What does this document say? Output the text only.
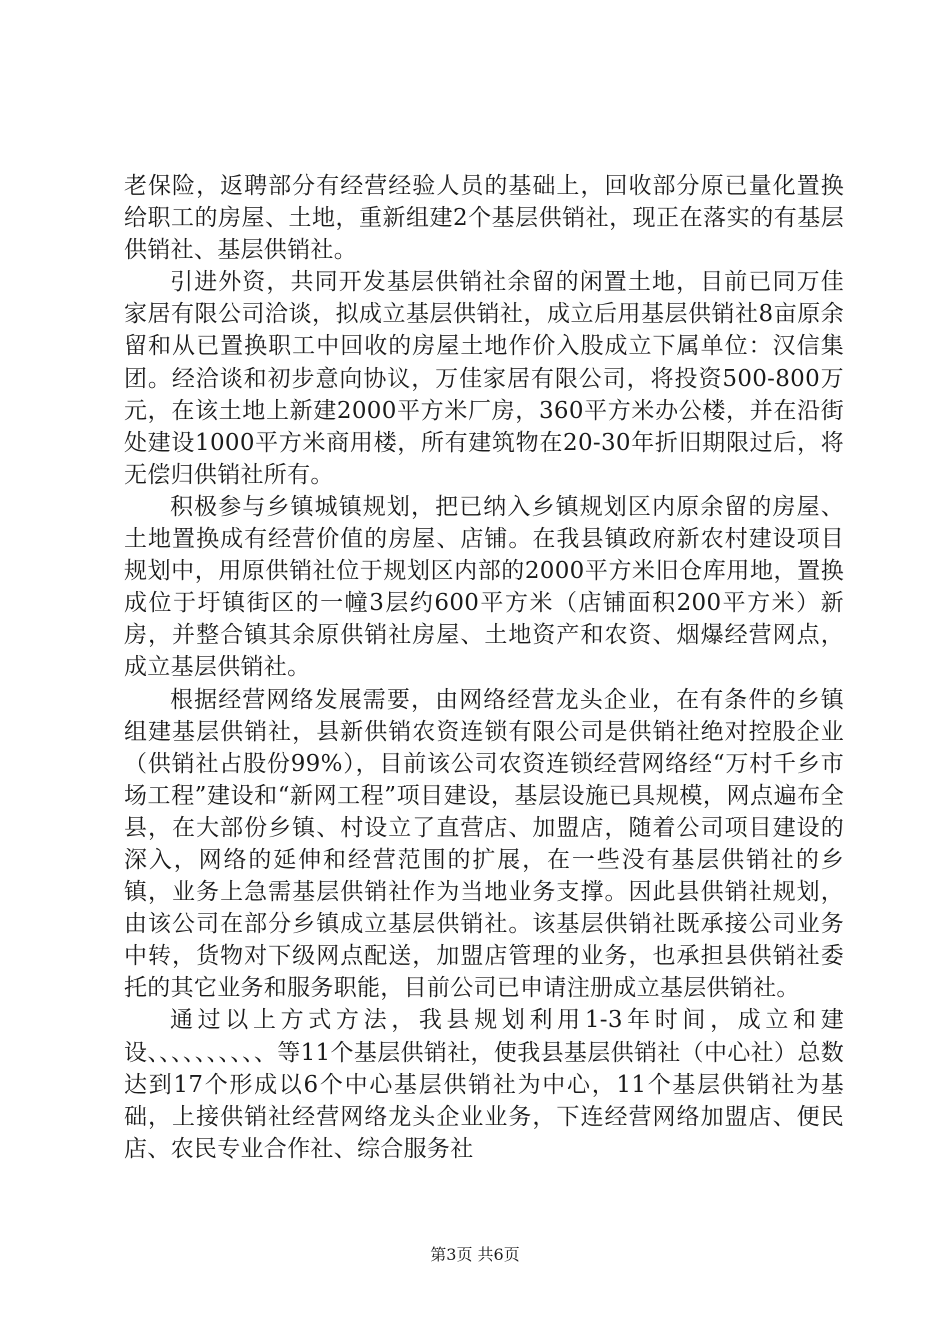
老保险，返聘部分有经营经验人员的基础上，回收部分原已量化置换给职工的房屋、土地，重新组建2个基层供销社，现正在落实的有基层供销社、基层供销社。

引进外资，共同开发基层供销社余留的闲置土地，目前已同万佳家居有限公司洽谈，拟成立基层供销社，成立后用基层供销社8亩原余留和从已置换职工中回收的房屋土地作价入股成立下属单位：汉信集团。经洽谈和初步意向协议，万佳家居有限公司，将投资500-800万元，在该土地上新建2000平方米厂房，360平方米办公楼，并在沿街处建设1000平方米商用楼，所有建筑物在20-30年折旧期限过后，将无偿归供销社所有。

积极参与乡镇城镇规划，把已纳入乡镇规划区内原余留的房屋、土地置换成有经营价值的房屋、店铺。在我县镇政府新农村建设项目规划中，用原供销社位于规划区内部的2000平方米旧仓库用地，置换成位于圩镇街区的一幢3层约600平方米（店铺面积200平方米）新房，并整合镇其余原供销社房屋、土地资产和农资、烟爆经营网点，成立基层供销社。

根据经营网络发展需要，由网络经营龙头企业，在有条件的乡镇组建基层供销社，县新供销农资连锁有限公司是供销社绝对控股企业（供销社占股份99%），目前该公司农资连锁经营网络经“万村千乡市场工程”建设和“新网工程”项目建设，基层设施已具规模，网点遍布全县，在大部份乡镇、村设立了直营店、加盟店，随着公司项目建设的深入，网络的延伸和经营范围的扩展，在一些没有基层供销社的乡镇，业务上急需基层供销社作为当地业务支撑。因此县供销社规划，由该公司在部分乡镇成立基层供销社。该基层供销社既承接公司业务中转，货物对下级网点配送，加盟店管理的业务，也承担县供销社委托的其它业务和服务职能，目前公司已申请注册成立基层供销社。

通过以上方式方法，我县规划利用1-3年时间，成立和建设、、、、、、、、、、等11个基层供销社，使我县基层供销社（中心社）总数达到17个形成以6个中心基层供销社为中心，11个基层供销社为基础，上接供销社经营网络龙头企业业务，下连经营网络加盟店、便民店、农民专业合作社、综合服务社

第3页 共6页
